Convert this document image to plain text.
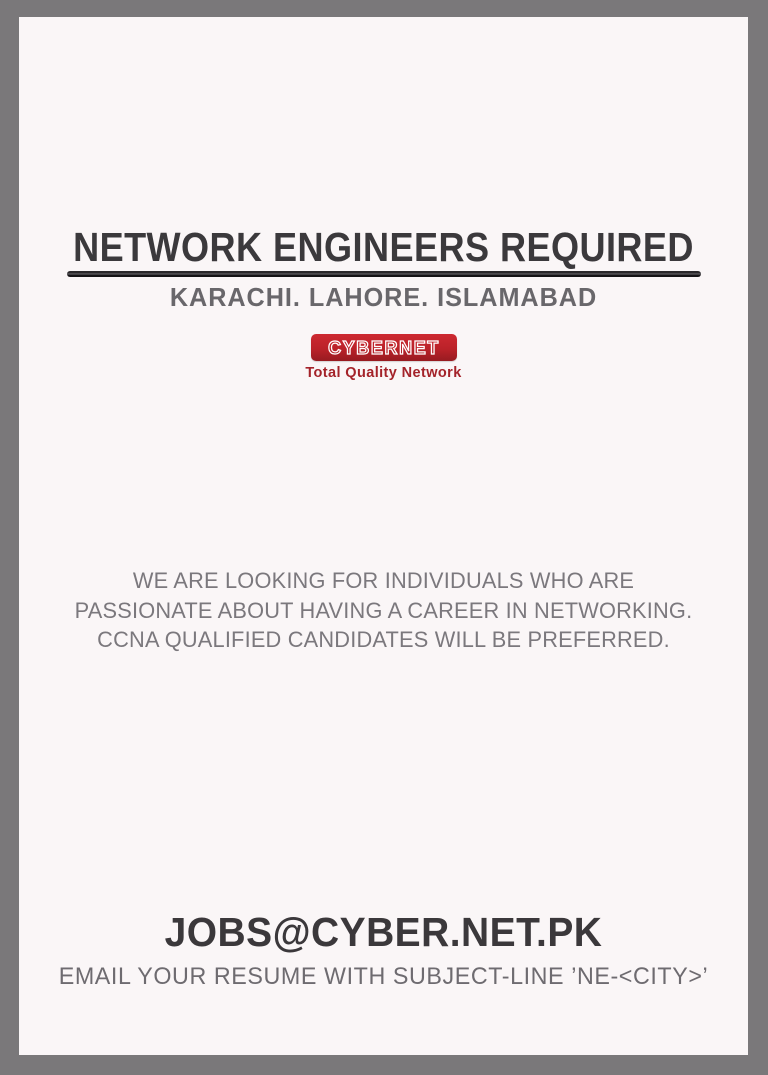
NETWORK ENGINEERS REQUIRED
KARACHI. LAHORE. ISLAMABAD
CYBERNET
Total Quality Network
WE ARE LOOKING FOR INDIVIDUALS WHO ARE
PASSIONATE ABOUT HAVING A CAREER IN NETWORKING.
CCNA QUALIFIED CANDIDATES WILL BE PREFERRED.
JOBS@CYBER.NET.PK
EMAIL YOUR RESUME WITH SUBJECT-LINE ’NE-<CITY>’
